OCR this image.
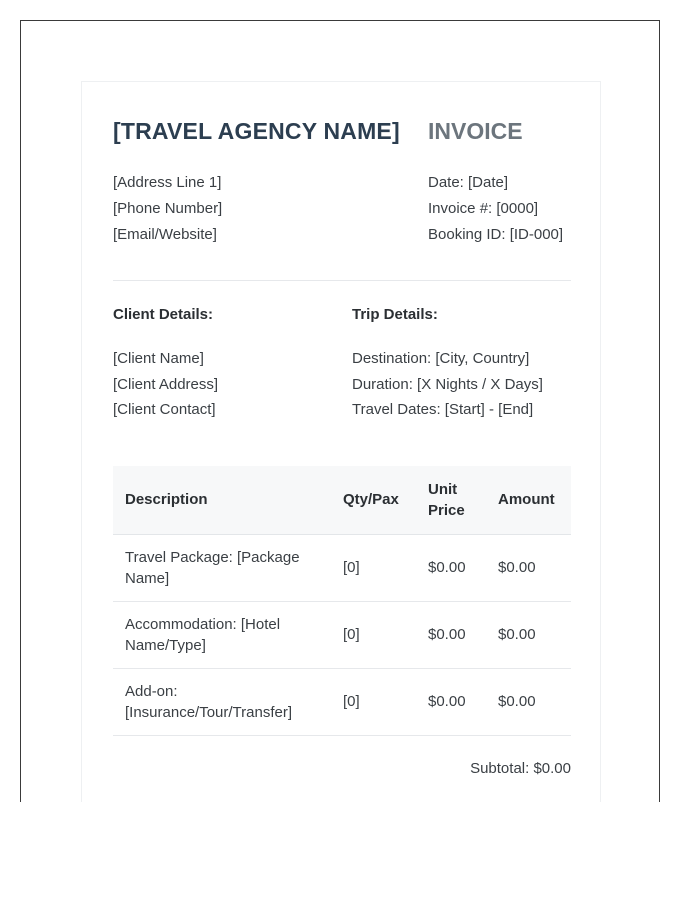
[TRAVEL AGENCY NAME] INVOICE
[Address Line 1]
[Phone Number]
[Email/Website]
Date: [Date]
Invoice #: [0000]
Booking ID: [ID-000]
Client Details:	Trip Details:
[Client Name]
[Client Address]
[Client Contact]
Destination: [City, Country]
Duration: [X Nights / X Days]
Travel Dates: [Start] - [End]
Description	Qty/Pax	Unit Price	Amount
Travel Package: [Package Name]	[0]	$0.00	$0.00
Accommodation: [Hotel Name/Type]	[0]	$0.00	$0.00
Add-on: [Insurance/Tour/Transfer]	[0]	$0.00	$0.00
Subtotal: $0.00
